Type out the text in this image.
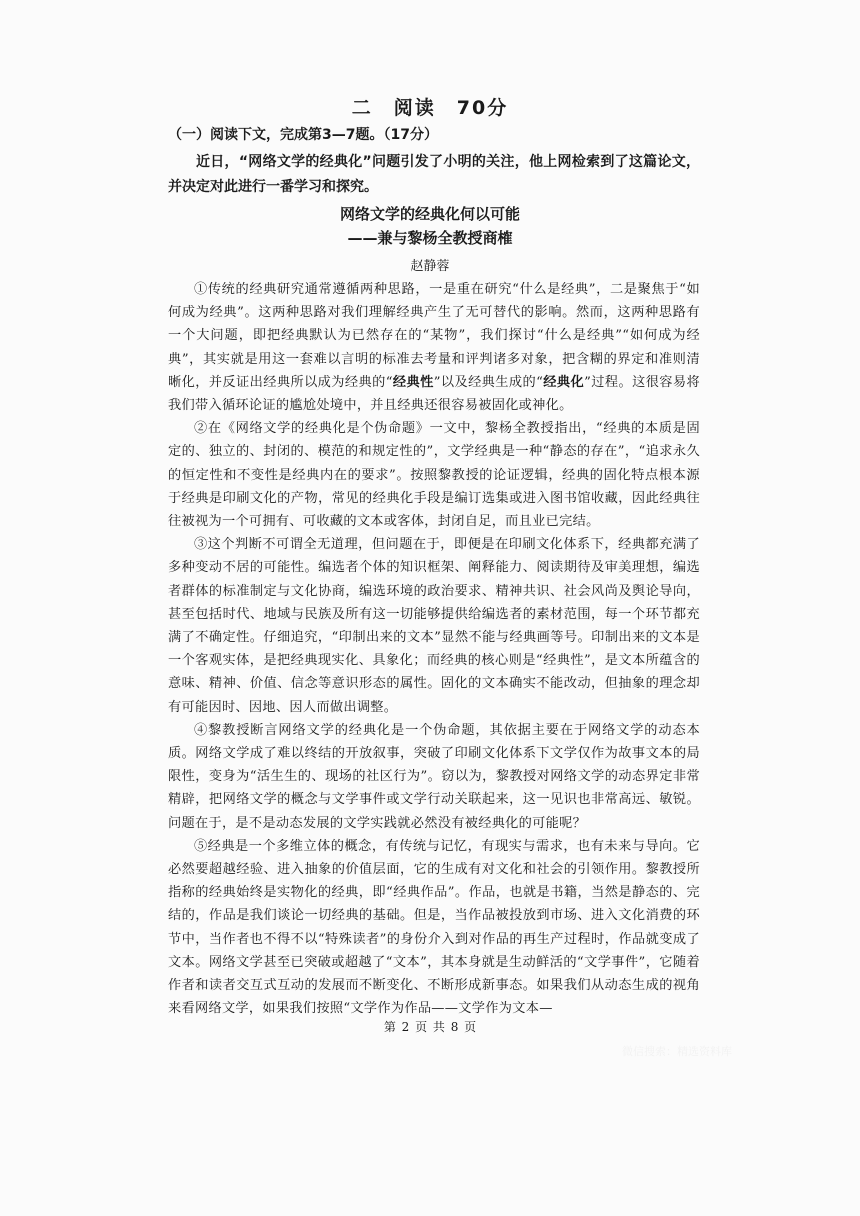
二　阅读　70分
（一）阅读下文，完成第3—7题。（17分）

近日，“网络文学的经典化”问题引发了小明的关注，他上网检索到了这篇论文，并决定对此进行一番学习和探究。

网络文学的经典化何以可能
——兼与黎杨全教授商榷
赵静蓉

①传统的经典研究通常遵循两种思路，一是重在研究“什么是经典”，二是聚焦于“如何成为经典”。这两种思路对我们理解经典产生了无可替代的影响。然而，这两种思路有一个大问题，即把经典默认为已然存在的“某物”，我们探讨“什么是经典”“如何成为经典”，其实就是用这一套难以言明的标准去考量和评判诸多对象，把含糊的界定和准则清晰化，并反证出经典所以成为经典的“经典性”以及经典生成的“经典化”过程。这很容易将我们带入循环论证的尴尬处境中，并且经典还很容易被固化或神化。

②在《网络文学的经典化是个伪命题》一文中，黎杨全教授指出，“经典的本质是固定的、独立的、封闭的、模范的和规定性的”，文学经典是一种“静态的存在”，“追求永久的恒定性和不变性是经典内在的要求”。按照黎教授的论证逻辑，经典的固化特点根本源于经典是印刷文化的产物，常见的经典化手段是编订选集或进入图书馆收藏，因此经典往往被视为一个可拥有、可收藏的文本或客体，封闭自足，而且业已完结。

③这个判断不可谓全无道理，但问题在于，即便是在印刷文化体系下，经典都充满了多种变动不居的可能性。编选者个体的知识框架、阐释能力、阅读期待及审美理想，编选者群体的标准制定与文化协商，编选环境的政治要求、精神共识、社会风尚及舆论导向，甚至包括时代、地域与民族及所有这一切能够提供给编选者的素材范围，每一个环节都充满了不确定性。仔细追究，“印制出来的文本”显然不能与经典画等号。印制出来的文本是一个客观实体，是把经典现实化、具象化；而经典的核心则是“经典性”，是文本所蕴含的意味、精神、价值、信念等意识形态的属性。固化的文本确实不能改动，但抽象的理念却有可能因时、因地、因人而做出调整。

④黎教授断言网络文学的经典化是一个伪命题，其依据主要在于网络文学的动态本质。网络文学成了难以终结的开放叙事，突破了印刷文化体系下文学仅作为故事文本的局限性，变身为“活生生的、现场的社区行为”。窃以为，黎教授对网络文学的动态界定非常精辟，把网络文学的概念与文学事件或文学行动关联起来，这一见识也非常高远、敏锐。问题在于，是不是动态发展的文学实践就必然没有被经典化的可能呢？

⑤经典是一个多维立体的概念，有传统与记忆，有现实与需求，也有未来与导向。它必然要超越经验、进入抽象的价值层面，它的生成有对文化和社会的引领作用。黎教授所指称的经典始终是实物化的经典，即“经典作品”。作品，也就是书籍，当然是静态的、完结的，作品是我们谈论一切经典的基础。但是，当作品被投放到市场、进入文化消费的环节中，当作者也不得不以“特殊读者”的身份介入到对作品的再生产过程时，作品就变成了文本。网络文学甚至已突破或超越了“文本”，其本身就是生动鲜活的“文学事件”，它随着作者和读者交互式互动的发展而不断变化、不断形成新事态。如果我们从动态生成的视角来看网络文学，如果我们按照“文学作为作品——文学作为文本—

第 2 页 共 8 页
微信搜索：精选资料库
